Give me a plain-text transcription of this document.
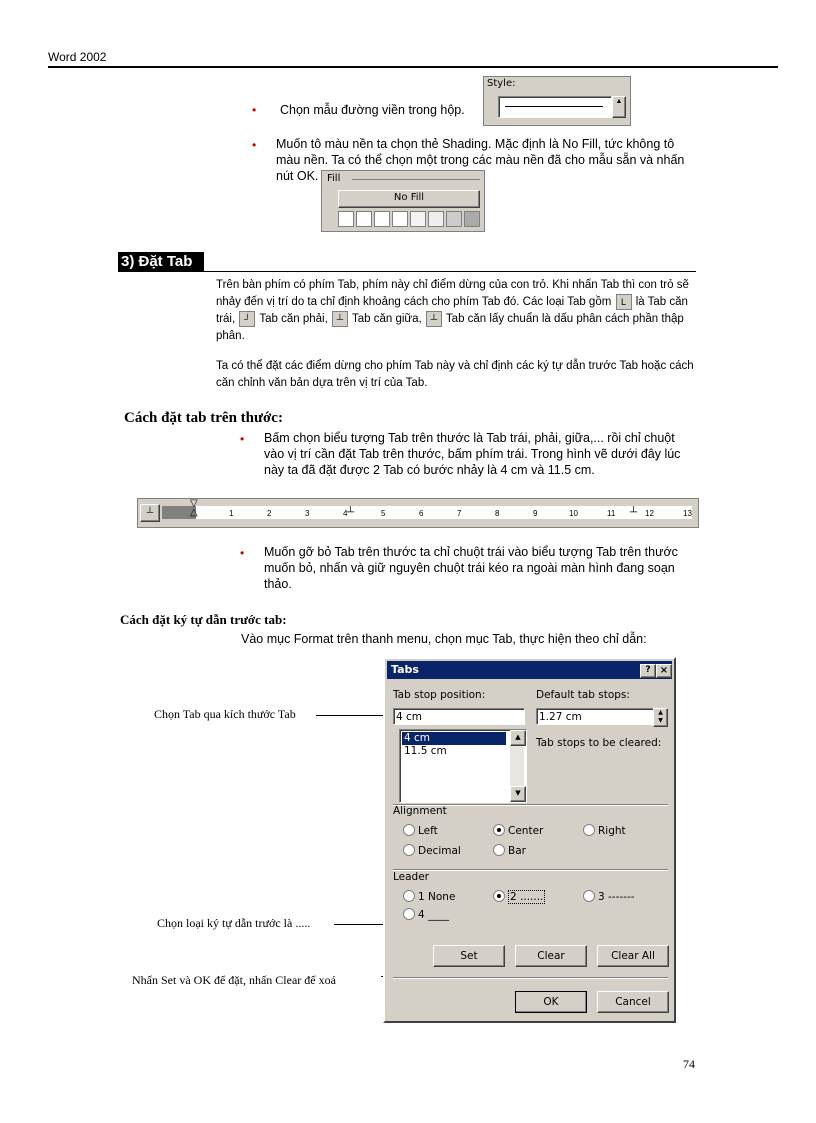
Word 2002
• Chọn mẫu đường viền trong hộp.
Style:
▲
• Muốn tô màu nền ta chọn thẻ Shading. Mặc định là No Fill, tức không tô màu nền. Ta có thể chọn một trong các màu nền đã cho mẫu sẵn và nhấn nút OK. Fill
No Fill
3) Đặt Tab
Trên bàn phím có phím Tab, phím này chỉ điểm dừng của con trỏ. Khi nhấn Tab thì con trỏ sẽ nhảy đến vị trí do ta chỉ định khoảng cách cho phím Tab đó. Các loại Tab gồm L là Tab căn trái, ┘ Tab căn phải, ┴ Tab căn giữa, ┴ Tab căn lấy chuẩn là dấu phân cách phần thập phân.
Ta có thể đặt các điểm dừng cho phím Tab này và chỉ định các ký tự dẫn trước Tab hoặc cách căn chỉnh văn bản dựa trên vị trí của Tab.
Cách đặt tab trên thước:
• Bấm chọn biểu tượng Tab trên thước là Tab trái, phải, giữa,... rồi chỉ chuột vào vị trí cần đặt Tab trên thước, bấm phím trái. Trong hình vẽ dưới đây lúc này ta đã đặt được 2 Tab có bước nhảy là 4 cm và 11.5 cm.
┴	1	2	3	4	5	6	7	8	9	10	11	12	13
┴	┴
▽
△
• Muốn gỡ bỏ Tab trên thước ta chỉ chuột trái vào biểu tượng Tab trên thước muốn bỏ, nhấn và giữ nguyên chuột trái kéo ra ngoài màn hình đang soạn thảo.
Cách đặt ký tự dẫn trước tab:
Vào mục Format trên thanh menu, chọn mục Tab, thực hiện theo chỉ dẫn:
Chọn Tab qua kích thước Tab
Chọn loại ký tự dẫn trước là .....
Nhấn Set và OK để đặt, nhấn Clear để xoá
Tabs	? ×
Tab stop position:
4 cm
4 cm
11.5 cm
▲
▼
Default tab stops:
1.27 cm	▲
▼
Tab stops to be cleared:
Alignment
Left	Center	Right
Decimal	Bar
Leader
1 None	2 .......	3 -------
4 ____
Set	Clear	Clear All
OK	Cancel
74
